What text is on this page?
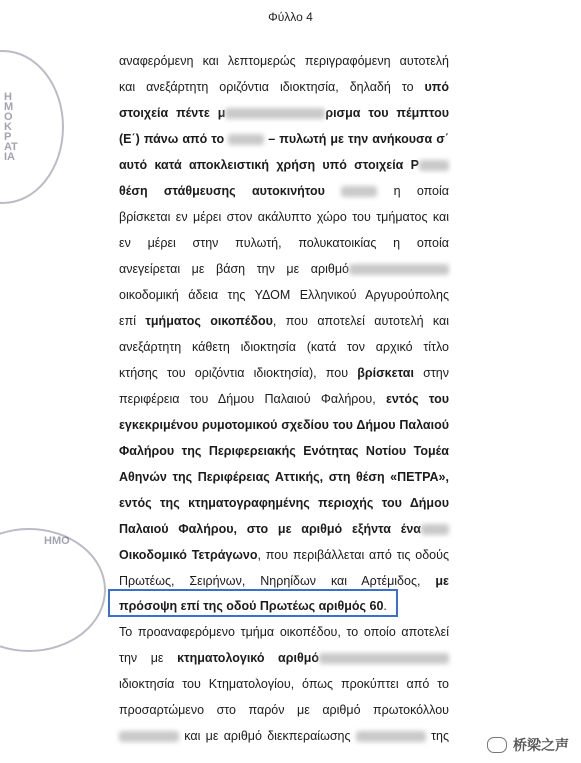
Φύλλο 4
ΗΜΟΚΡΑΤΙΑ
ΗΜΟ
αναφερόμενη και λεπτομερώς περιγραφόμενη αυτοτελή
και ανεξάρτητη οριζόντια ιδιοκτησία, δηλαδή το υπό
στοιχεία πέντε μ	ρισμα του πέμπτου
(Ε΄) πάνω από το	– πυλωτή με την ανήκουσα σ΄
αυτό κατά αποκλειστική χρήση υπό στοιχεία Ρ
θέση στάθμευσης αυτοκινήτου	η οποία
βρίσκεται εν μέρει στον ακάλυπτο χώρο του τμήματος και
εν μέρει στην πυλωτή, πολυκατοικίας η οποία
ανεγείρεται με βάση την με αριθμό
οικοδομική άδεια της ΥΔΟΜ Ελληνικού Αργυρούπολης
επί τμήματος οικοπέδου, που αποτελεί αυτοτελή και
ανεξάρτητη κάθετη ιδιοκτησία (κατά τον αρχικό τίτλο
κτήσης του οριζόντια ιδιοκτησία), που βρίσκεται στην
περιφέρεια του Δήμου Παλαιού Φαλήρου, εντός του
εγκεκριμένου ρυμοτομικού σχεδίου του Δήμου Παλαιού
Φαλήρου της Περιφερειακής Ενότητας Νοτίου Τομέα
Αθηνών της Περιφέρειας Αττικής, στη θέση «ΠΕΤΡΑ»,
εντός της κτηματογραφημένης περιοχής του Δήμου
Παλαιού Φαλήρου, στο με αριθμό εξήντα ένα
Οικοδομικό Τετράγωνο, που περιβάλλεται από τις οδούς
Πρωτέως, Σειρήνων, Νηρηίδων και Αρτέμιδος, με
πρόσοψη επί της οδού Πρωτέως αριθμός 60.
Το προαναφερόμενο τμήμα οικοπέδου, το οποίο αποτελεί
την με κτηματολογικό αριθμό
ιδιοκτησία του Κτηματολογίου, όπως προκύπτει από το
προσαρτώμενο στο παρόν με αριθμό πρωτοκόλλου
και με αριθμό διεκπεραίωσης	της
桥梁之声
